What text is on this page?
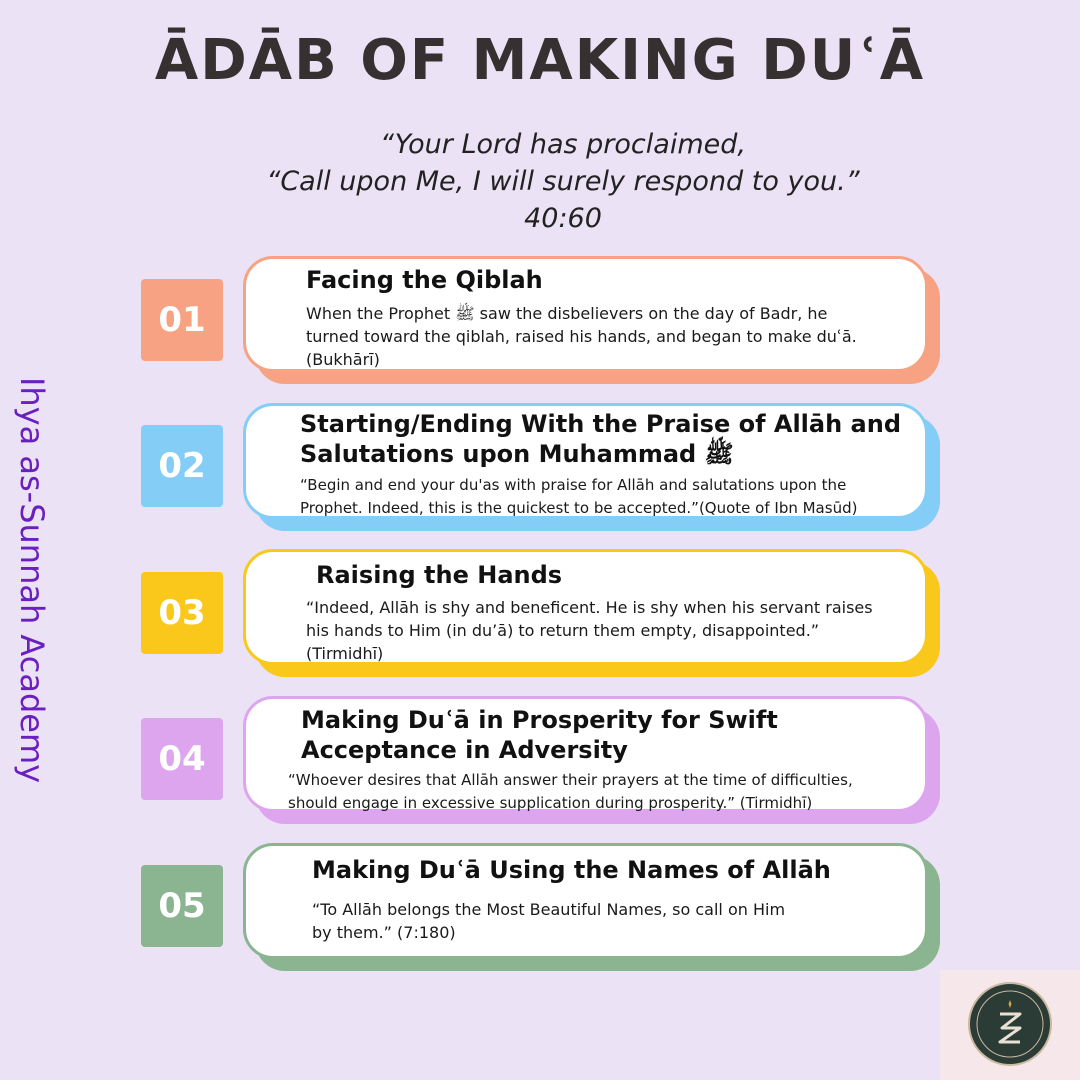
ĀDĀB OF MAKING DUʿĀ
“Your Lord has proclaimed,
“Call upon Me, I will surely respond to you.”
40:60
Ihya as-Sunnah Academy
01
Facing the Qiblah
When the Prophet ﷺ saw the disbelievers on the day of Badr, he
turned toward the qiblah, raised his hands, and began to make duʿā.
(Bukhārī)
02
Starting/Ending With the Praise of Allāh and
Salutations upon Muhammad ﷺ
“Begin and end your du'as with praise for Allāh and salutations upon the
Prophet. Indeed, this is the quickest to be accepted.”(Quote of Ibn Masūd)
03
Raising the Hands
“Indeed, Allāh is shy and beneficent. He is shy when his servant raises
his hands to Him (in du’ā) to return them empty, disappointed.”
(Tirmidhī)
04
Making Duʿā in Prosperity for Swift
Acceptance in Adversity
“Whoever desires that Allāh answer their prayers at the time of difficulties,
should engage in excessive supplication during prosperity.” (Tirmidhī)
05
Making Duʿā Using the Names of Allāh
“To Allāh belongs the Most Beautiful Names, so call on Him
by them.” (7:180)
